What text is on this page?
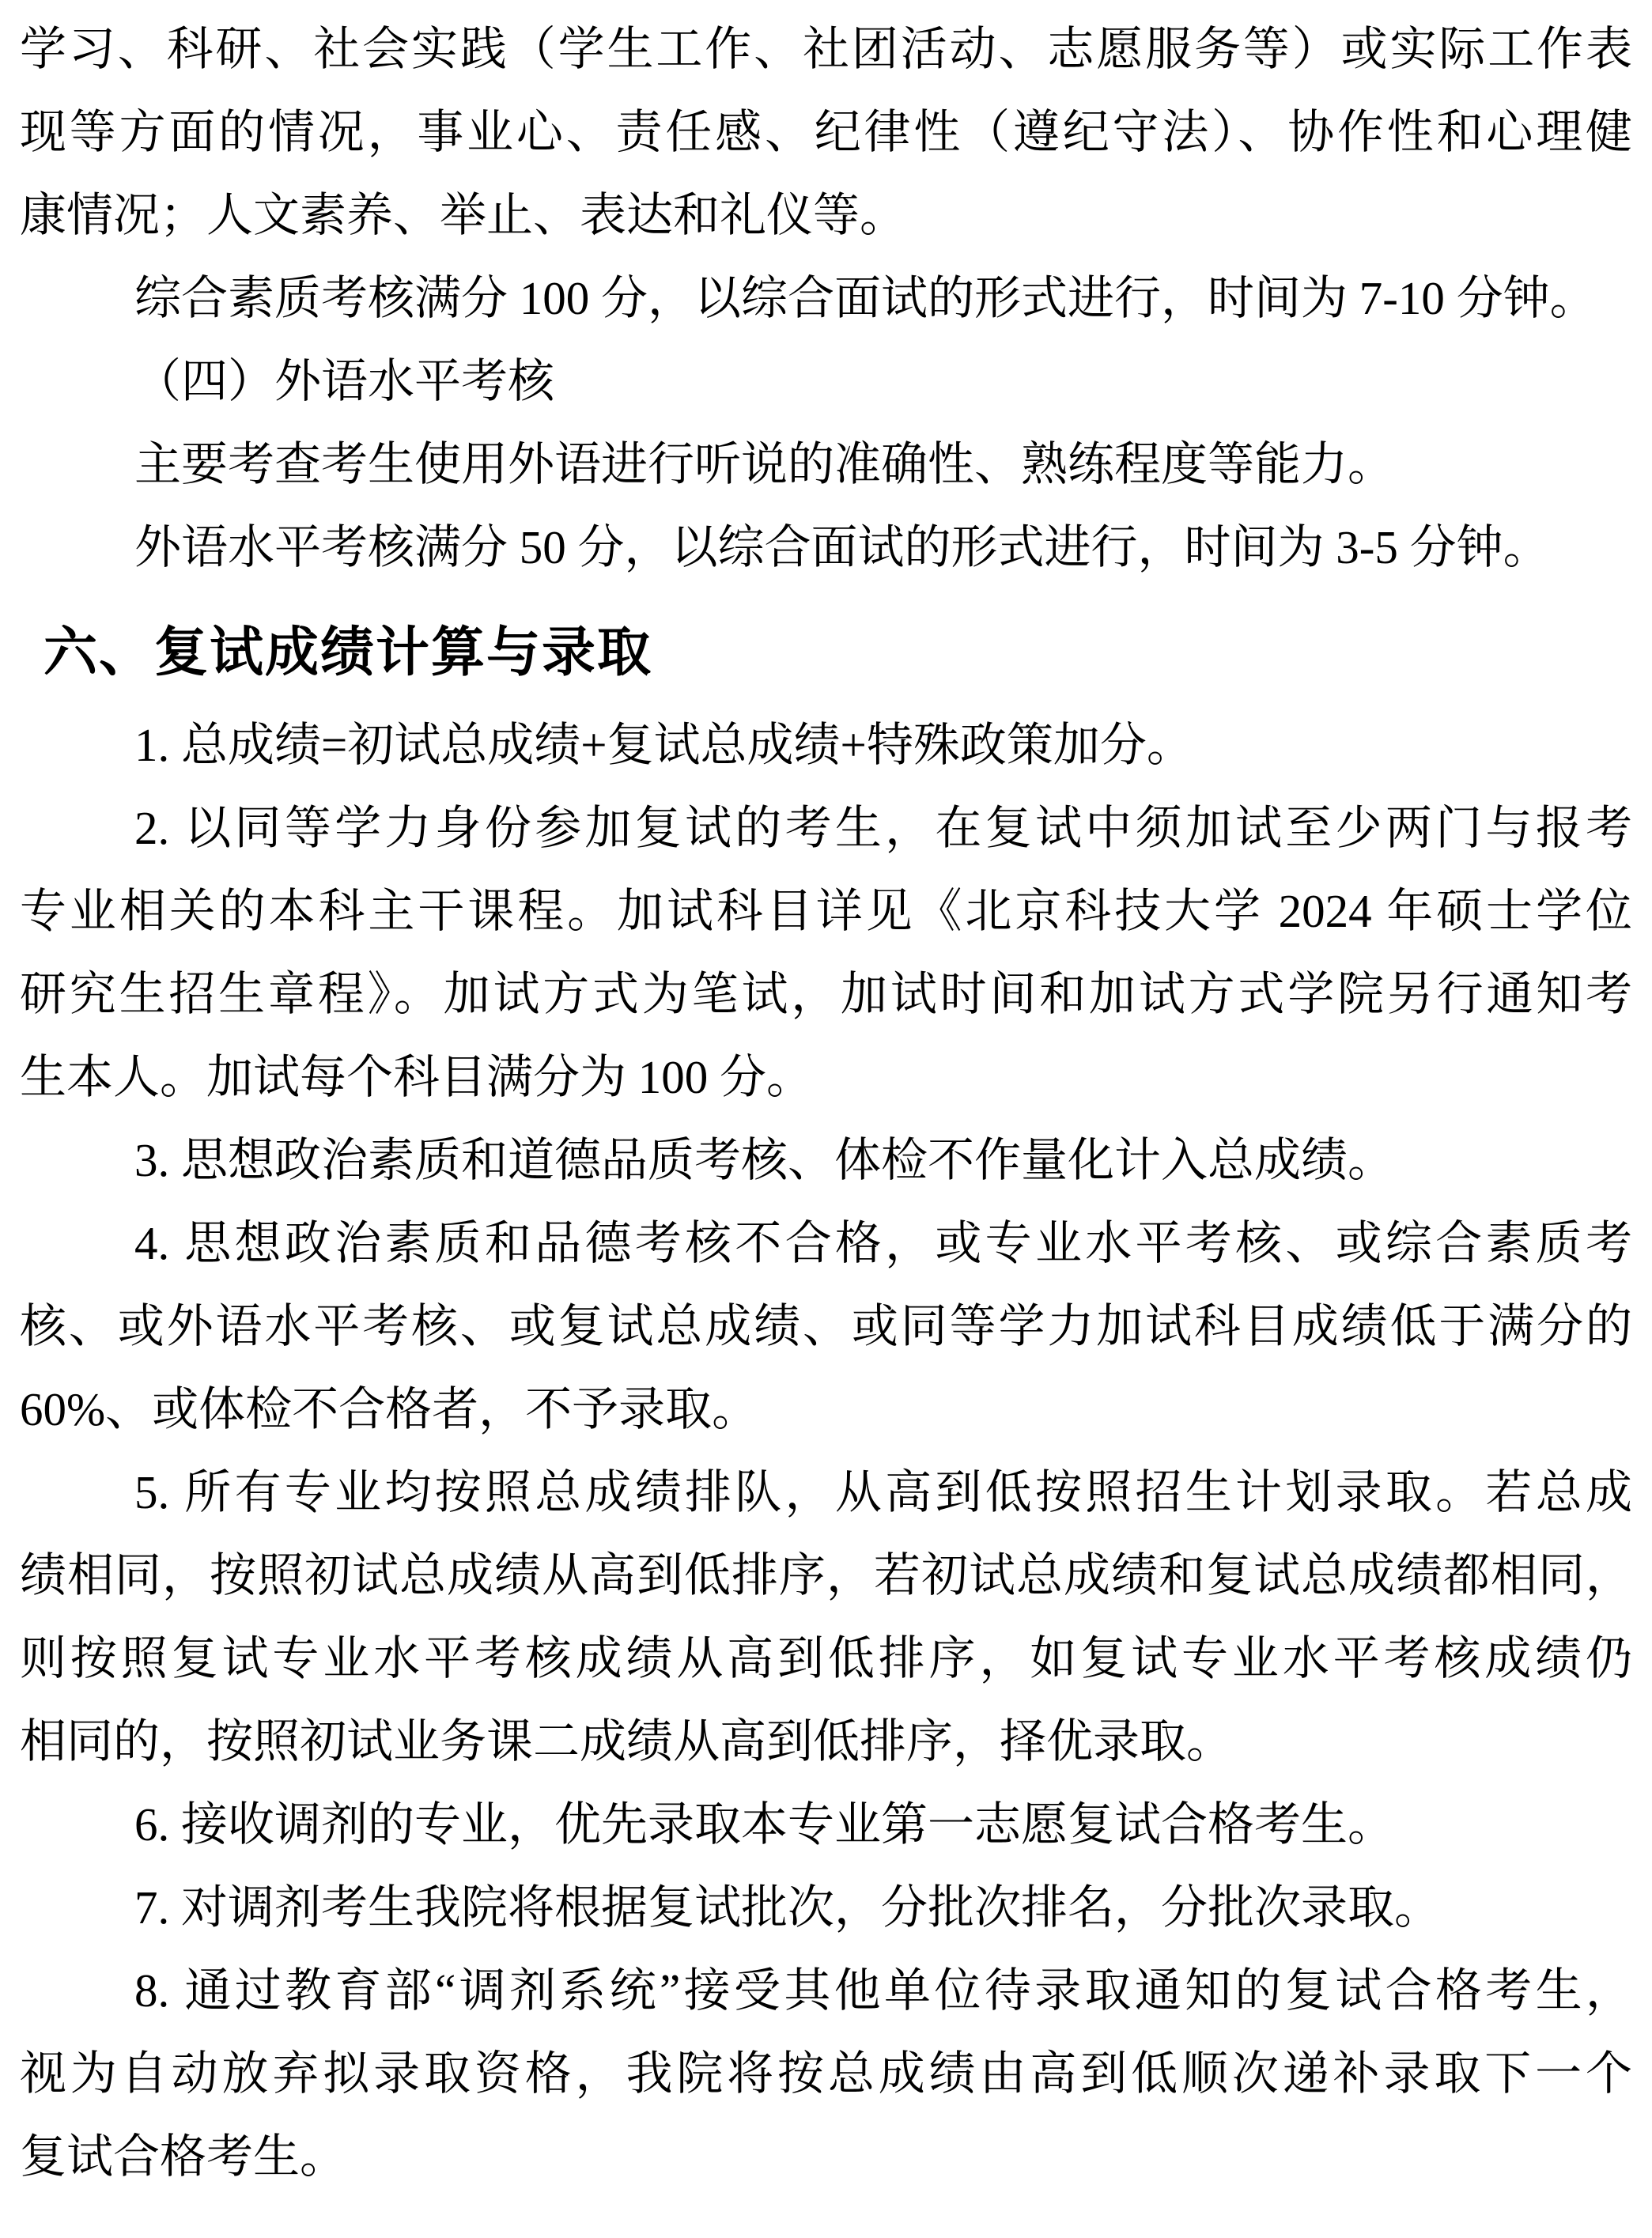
学习、科研、社会实践（学生工作、社团活动、志愿服务等）或实际工作表
现等方面的情况，事业心、责任感、纪律性（遵纪守法）、协作性和心理健
康情况；人文素养、举止、表达和礼仪等。
综合素质考核满分 100 分，以综合面试的形式进行，时间为 7-10 分钟。
（四）外语水平考核
主要考查考生使用外语进行听说的准确性、熟练程度等能力。
外语水平考核满分 50 分，以综合面试的形式进行，时间为 3-5 分钟。
六、复试成绩计算与录取
1. 总成绩=初试总成绩+复试总成绩+特殊政策加分。
2. 以同等学力身份参加复试的考生，在复试中须加试至少两门与报考
专业相关的本科主干课程。加试科目详见《北京科技大学 2024 年硕士学位
研究生招生章程》。加试方式为笔试，加试时间和加试方式学院另行通知考
生本人。加试每个科目满分为 100 分。
3. 思想政治素质和道德品质考核、体检不作量化计入总成绩。
4. 思想政治素质和品德考核不合格，或专业水平考核、或综合素质考
核、或外语水平考核、或复试总成绩、或同等学力加试科目成绩低于满分的
60%、或体检不合格者，不予录取。
5. 所有专业均按照总成绩排队，从高到低按照招生计划录取。若总成
绩相同，按照初试总成绩从高到低排序，若初试总成绩和复试总成绩都相同，
则按照复试专业水平考核成绩从高到低排序，如复试专业水平考核成绩仍
相同的，按照初试业务课二成绩从高到低排序，择优录取。
6. 接收调剂的专业，优先录取本专业第一志愿复试合格考生。
7. 对调剂考生我院将根据复试批次，分批次排名，分批次录取。
8. 通过教育部“调剂系统”接受其他单位待录取通知的复试合格考生，
视为自动放弃拟录取资格，我院将按总成绩由高到低顺次递补录取下一个
复试合格考生。
